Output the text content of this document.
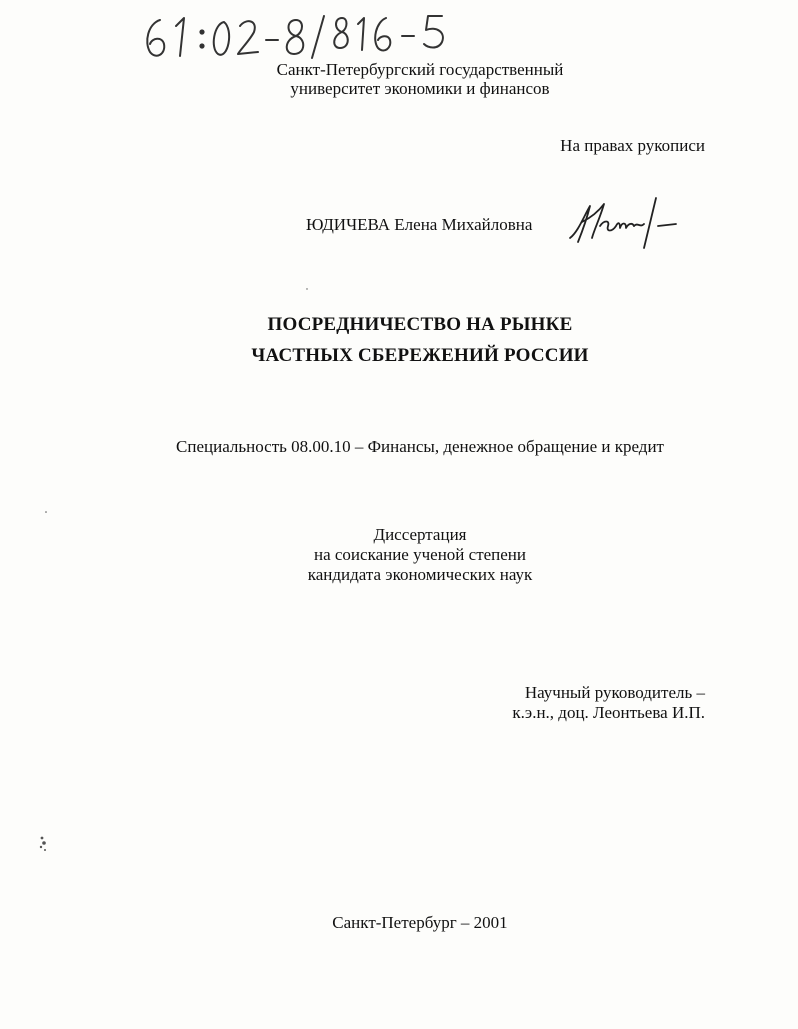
Санкт-Петербургский государственный
университет экономики и финансов
На правах рукописи
ЮДИЧЕВА Елена Михайловна
ПОСРЕДНИЧЕСТВО НА РЫНКЕ
ЧАСТНЫХ СБЕРЕЖЕНИЙ РОССИИ
Специальность 08.00.10 – Финансы, денежное обращение и кредит
Диссертация
на соискание ученой степени
кандидата экономических наук
Научный руководитель –
к.э.н., доц. Леонтьева И.П.
Санкт-Петербург – 2001
